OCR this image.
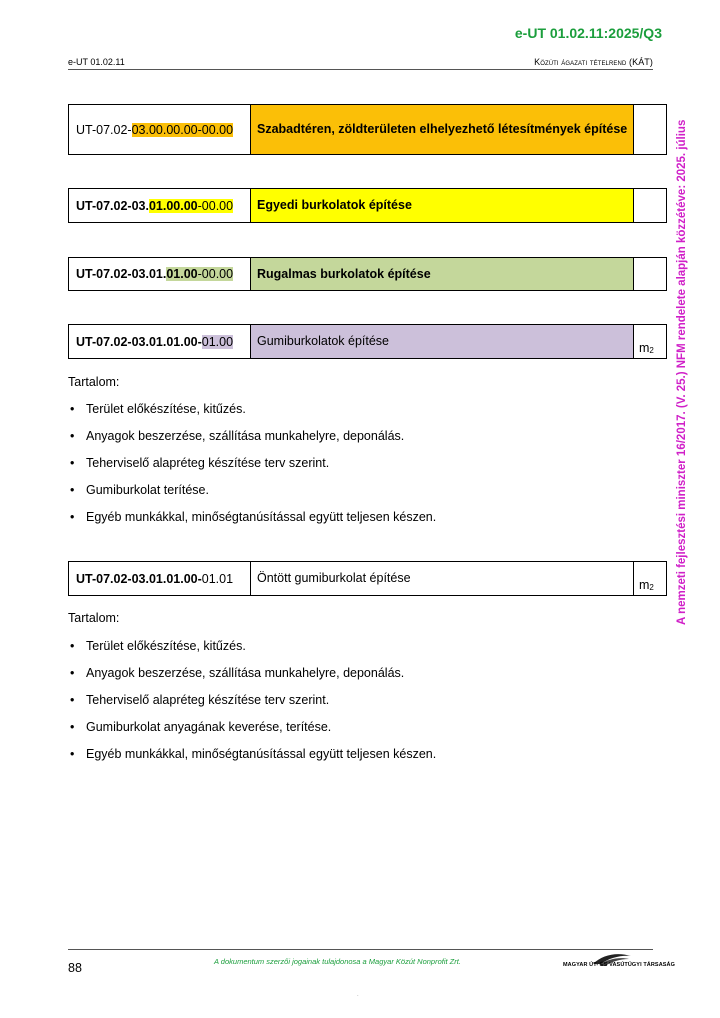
e-UT 01.02.11:2025/Q3
e-UT 01.02.11	Közúti ágazati tételrend (KÁT)
A nemzeti fejlesztési miniszter 16/2017. (V. 25.) NFM rendelete alapján közzétéve: 2025. július
UT-07.02- 03.00.00.00 -00.00	Szabadtéren, zöldterületen elhelyezhető létesítmények építése
UT-07.02-03. 01.00.00 -00.00	Egyedi burkolatok építése
UT-07.02-03.01. 01.00 -00.00	Rugalmas burkolatok építése
UT-07.02-03.01.01.00- 01.00	Gumiburkolatok építése	$m_2$
Tartalom:
• Terület előkészítése, kitűzés.
• Anyagok beszerzése, szállítása munkahelyre, deponálás.
• Teherviselő alapréteg készítése terv szerint.
• Gumiburkolat terítése.
• Egyéb munkákkal, minőségtanúsítással együtt teljesen készen.
UT-07.02-03.01.01.00- 01.01	Öntött gumiburkolat építése	$m_2$
Tartalom:
• Terület előkészítése, kitűzés.
• Anyagok beszerzése, szállítása munkahelyre, deponálás.
• Teherviselő alapréteg készítése terv szerint.
• Gumiburkolat anyagának keverése, terítése.
• Egyéb munkákkal, minőségtanúsítással együtt teljesen készen.
88	A dokumentum szerzői jogainak tulajdonosa a Magyar Közút Nonprofit Zrt.	MAGYAR ÚT- ÉS VASÚTÜGYI TÁRSASÁG
.
